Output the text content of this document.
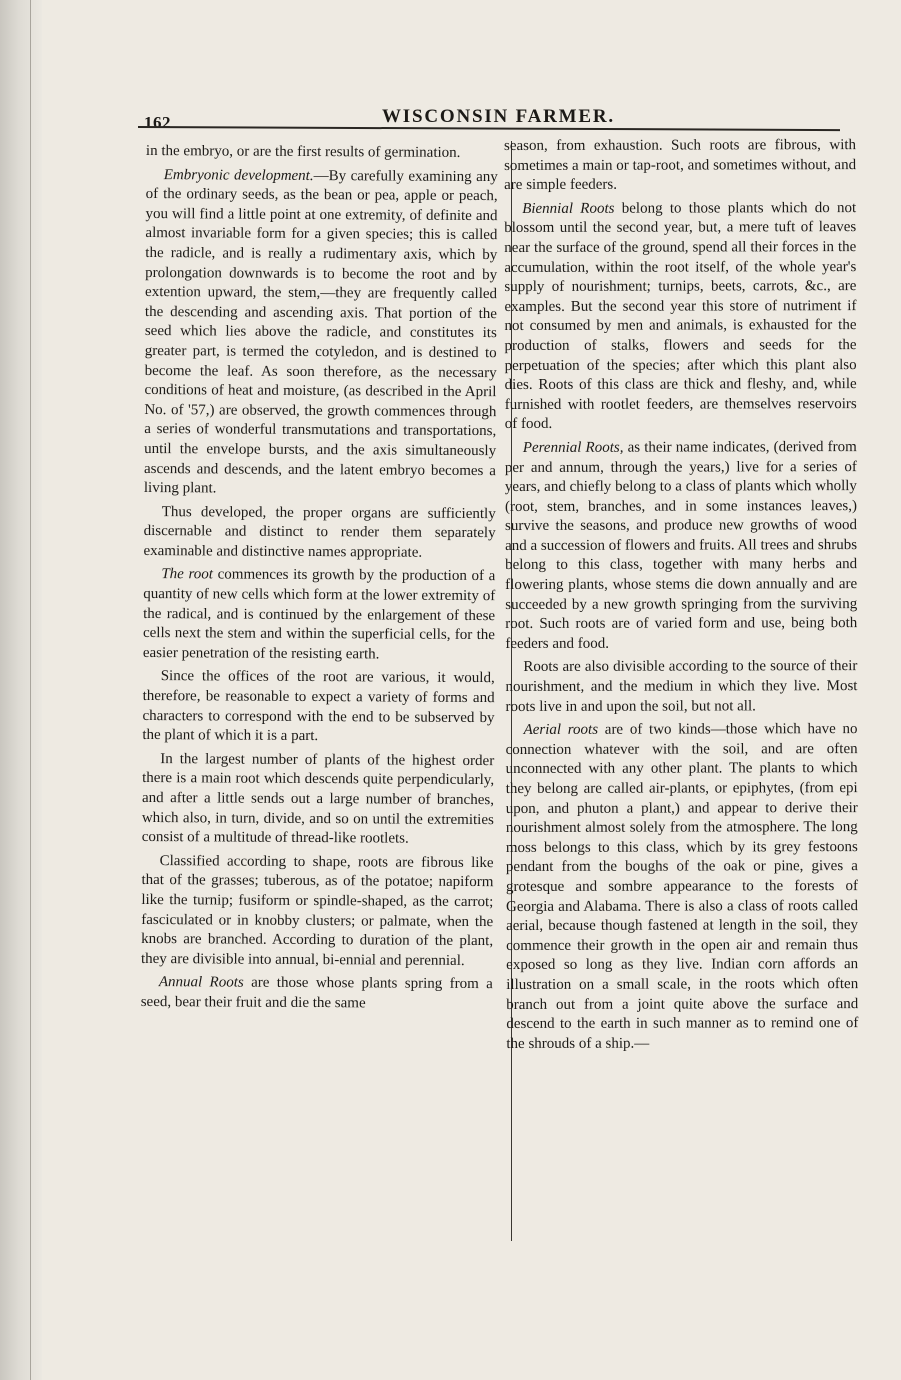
162	WISCONSIN FARMER.

in the embryo, or are the first results of germination.

Embryonic development.—By carefully examining any of the ordinary seeds, as the bean or pea, apple or peach, you will find a little point at one extremity, of definite and almost invariable form for a given species; this is called the radicle, and is really a rudimentary axis, which by prolongation downwards is to become the root and by extention upward, the stem,—they are frequently called the descending and ascending axis. That portion of the seed which lies above the radicle, and constitutes its greater part, is termed the cotyledon, and is destined to become the leaf. As soon therefore, as the necessary conditions of heat and moisture, (as described in the April No. of '57,) are observed, the growth commences through a series of wonderful transmutations and transportations, until the envelope bursts, and the axis simultaneously ascends and descends, and the latent embryo becomes a living plant.

Thus developed, the proper organs are sufficiently discernable and distinct to render them separately examinable and distinctive names appropriate.

The root commences its growth by the production of a quantity of new cells which form at the lower extremity of the radical, and is continued by the enlargement of these cells next the stem and within the superficial cells, for the easier penetration of the resisting earth.

Since the offices of the root are various, it would, therefore, be reasonable to expect a variety of forms and characters to correspond with the end to be subserved by the plant of which it is a part.

In the largest number of plants of the highest order there is a main root which descends quite perpendicularly, and after a little sends out a large number of branches, which also, in turn, divide, and so on until the extremities consist of a multitude of thread-like rootlets.

Classified according to shape, roots are fibrous like that of the grasses; tuberous, as of the potatoe; napiform like the turnip; fusiform or spindle-shaped, as the carrot; fasciculated or in knobby clusters; or palmate, when the knobs are branched. According to duration of the plant, they are divisible into annual, bi-ennial and perennial.

Annual Roots are those whose plants spring from a seed, bear their fruit and die the same

season, from exhaustion. Such roots are fibrous, with sometimes a main or tap-root, and sometimes without, and are simple feeders.

Biennial Roots belong to those plants which do not blossom until the second year, but, a mere tuft of leaves near the surface of the ground, spend all their forces in the accumulation, within the root itself, of the whole year's supply of nourishment; turnips, beets, carrots, &c., are examples. But the second year this store of nutriment if not consumed by men and animals, is exhausted for the production of stalks, flowers and seeds for the perpetuation of the species; after which this plant also dies. Roots of this class are thick and fleshy, and, while furnished with rootlet feeders, are themselves reservoirs of food.

Perennial Roots, as their name indicates, (derived from per and annum, through the years,) live for a series of years, and chiefly belong to a class of plants which wholly (root, stem, branches, and in some instances leaves,) survive the seasons, and produce new growths of wood and a succession of flowers and fruits. All trees and shrubs belong to this class, together with many herbs and flowering plants, whose stems die down annually and are succeeded by a new growth springing from the surviving root. Such roots are of varied form and use, being both feeders and food.

Roots are also divisible according to the source of their nourishment, and the medium in which they live. Most roots live in and upon the soil, but not all.

Aerial roots are of two kinds—those which have no connection whatever with the soil, and are often unconnected with any other plant. The plants to which they belong are called air-plants, or epiphytes, (from epi upon, and phuton a plant,) and appear to derive their nourishment almost solely from the atmosphere. The long moss belongs to this class, which by its grey festoons pendant from the boughs of the oak or pine, gives a grotesque and sombre appearance to the forests of Georgia and Alabama. There is also a class of roots called aerial, because though fastened at length in the soil, they commence their growth in the open air and remain thus exposed so long as they live. Indian corn affords an illustration on a small scale, in the roots which often branch out from a joint quite above the surface and descend to the earth in such manner as to remind one of the shrouds of a ship.—
